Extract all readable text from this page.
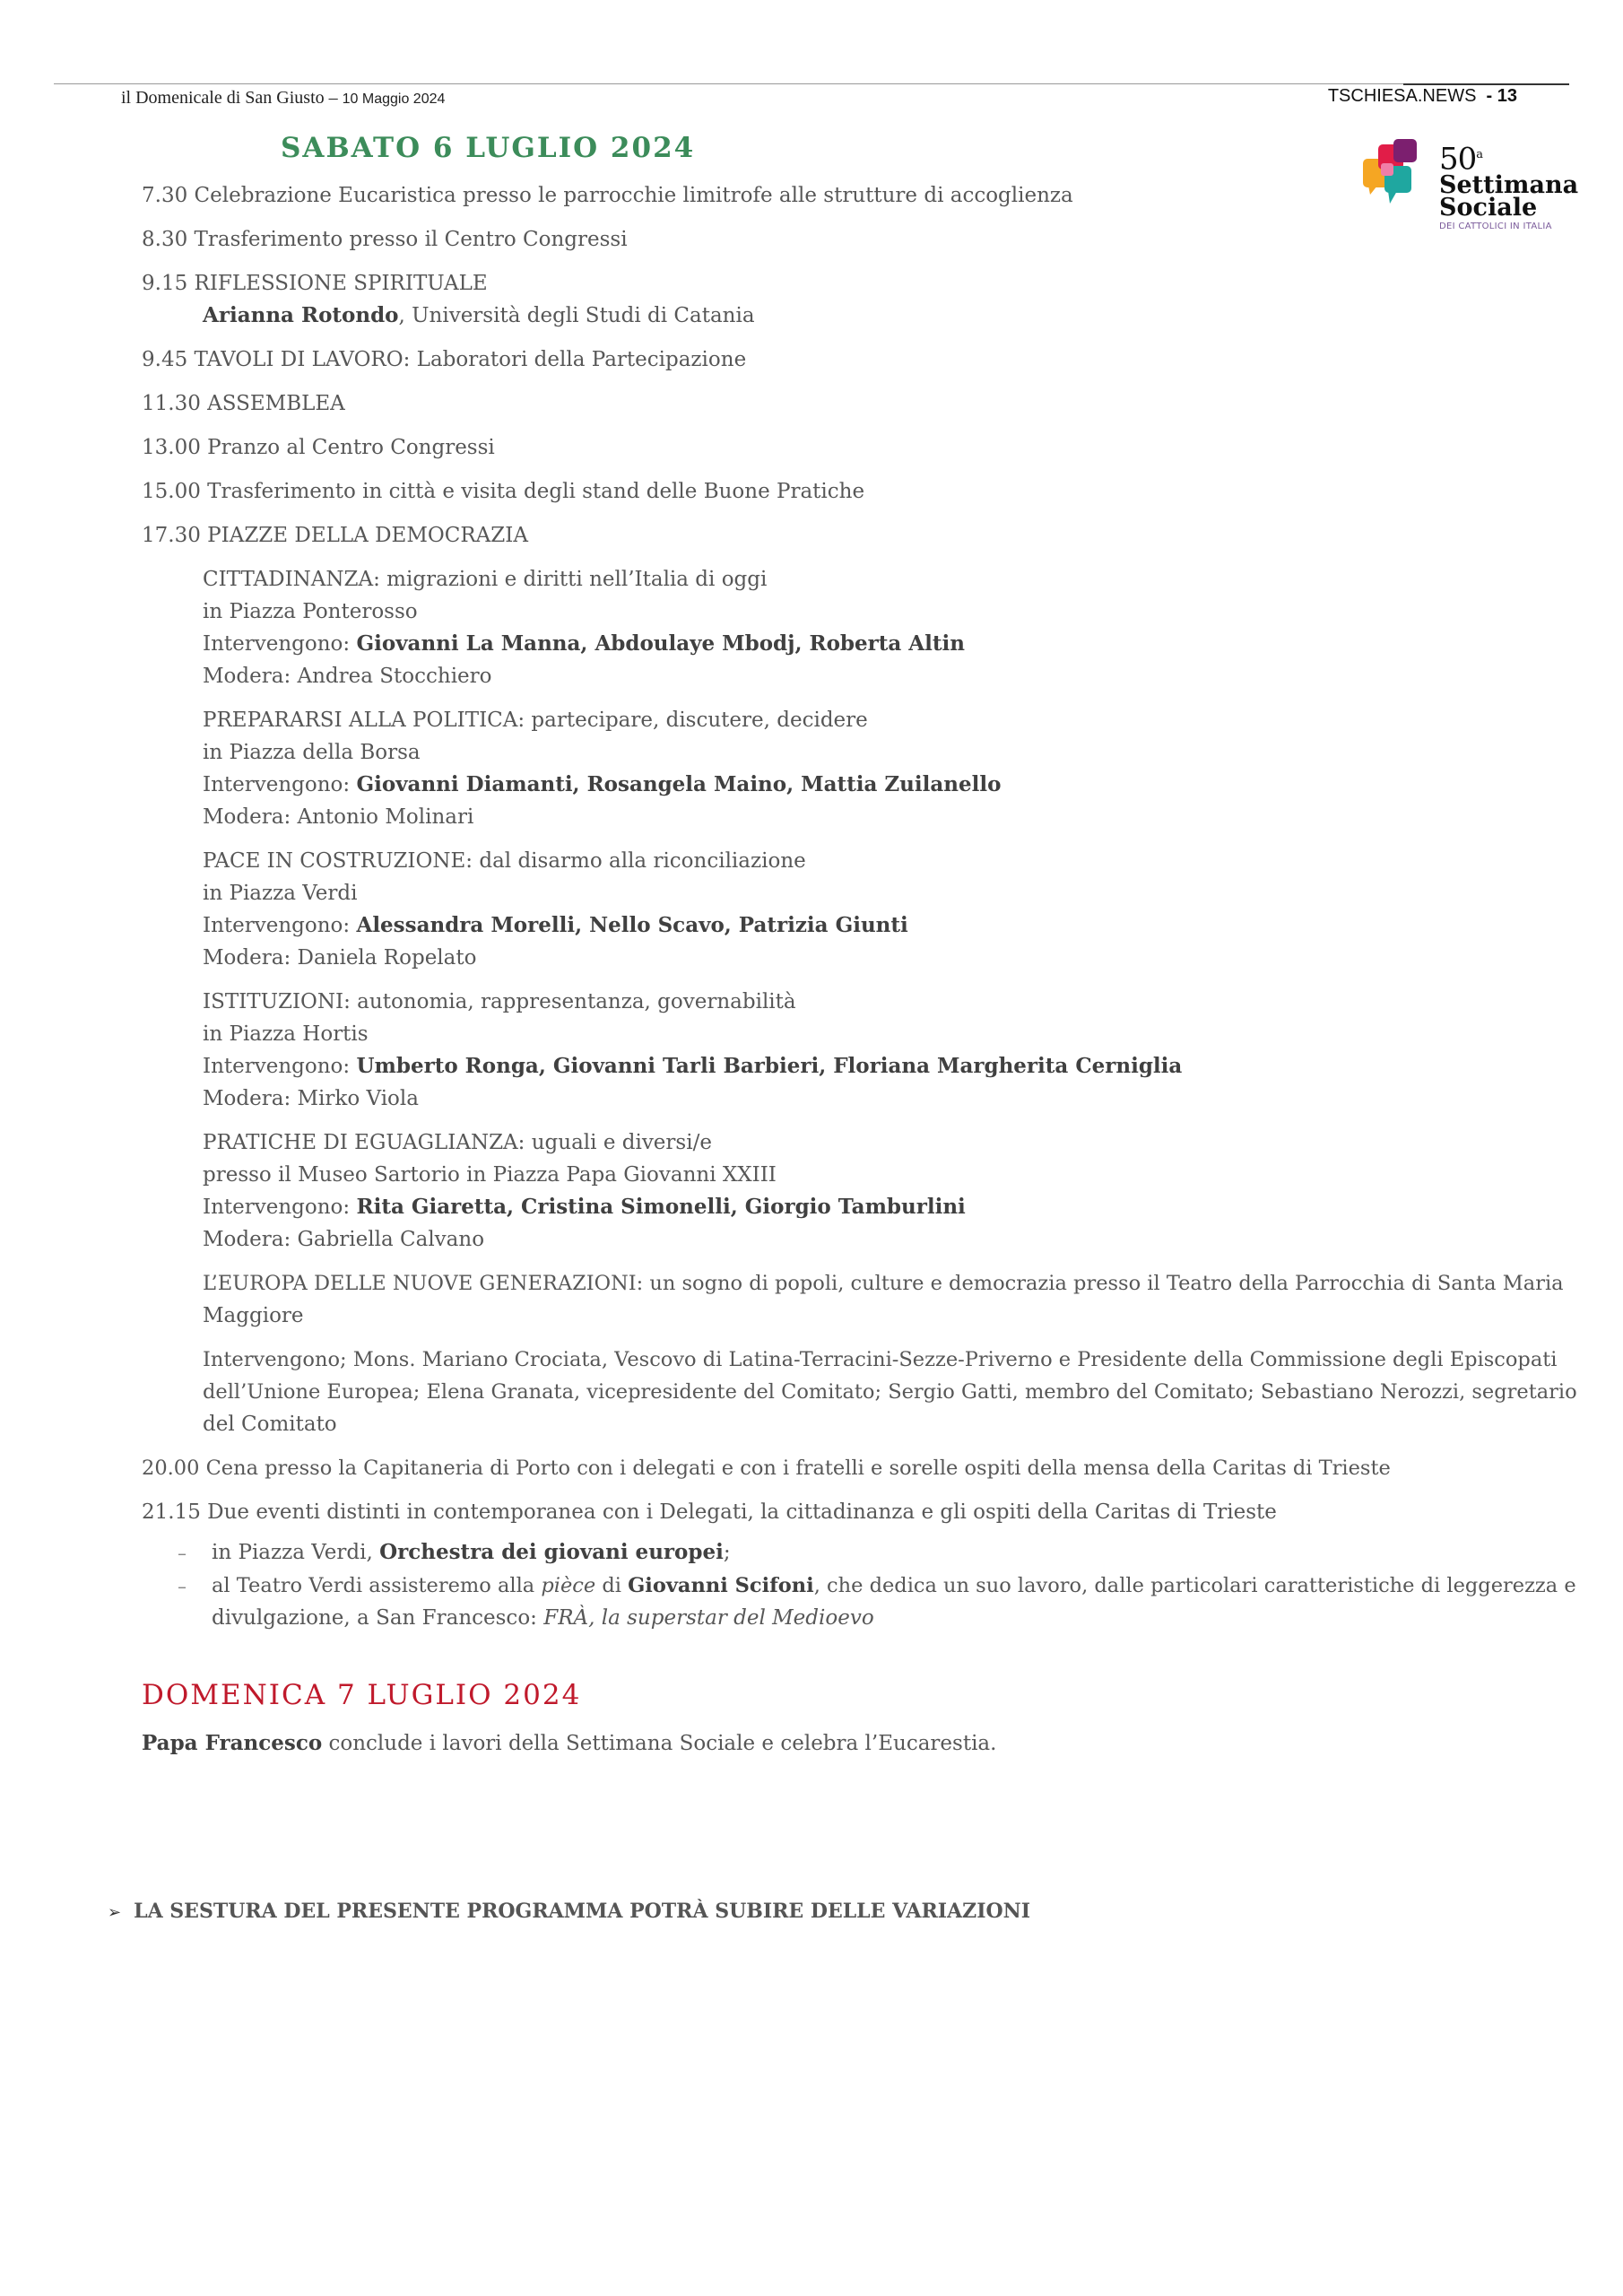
il Domenicale di San Giusto – 10 Maggio 2024	TSCHIESA.NEWS - 13
50$^a$
Settimana
Sociale
DEI CATTOLICI IN ITALIA
SABATO 6 LUGLIO 2024
7.30 Celebrazione Eucaristica presso le parrocchie limitrofe alle strutture di accoglienza
8.30 Trasferimento presso il Centro Congressi
9.15 RIFLESSIONE SPIRITUALE
Arianna Rotondo, Università degli Studi di Catania
9.45 TAVOLI DI LAVORO: Laboratori della Partecipazione
11.30 ASSEMBLEA
13.00 Pranzo al Centro Congressi
15.00 Trasferimento in città e visita degli stand delle Buone Pratiche
17.30 PIAZZE DELLA DEMOCRAZIA
CITTADINANZA: migrazioni e diritti nell’Italia di oggi
in Piazza Ponterosso
Intervengono: Giovanni La Manna, Abdoulaye Mbodj, Roberta Altin
Modera: Andrea Stocchiero
PREPARARSI ALLA POLITICA: partecipare, discutere, decidere
in Piazza della Borsa
Intervengono: Giovanni Diamanti, Rosangela Maino, Mattia Zuilanello
Modera: Antonio Molinari
PACE IN COSTRUZIONE: dal disarmo alla riconciliazione
in Piazza Verdi
Intervengono: Alessandra Morelli, Nello Scavo, Patrizia Giunti
Modera: Daniela Ropelato
ISTITUZIONI: autonomia, rappresentanza, governabilità
in Piazza Hortis
Intervengono: Umberto Ronga, Giovanni Tarli Barbieri, Floriana Margherita Cerniglia
Modera: Mirko Viola
PRATICHE DI EGUAGLIANZA: uguali e diversi/e
presso il Museo Sartorio in Piazza Papa Giovanni XXIII
Intervengono: Rita Giaretta, Cristina Simonelli, Giorgio Tamburlini
Modera: Gabriella Calvano
L’EUROPA DELLE NUOVE GENERAZIONI: un sogno di popoli, culture e democrazia presso il Teatro della Parrocchia di Santa Maria
Maggiore
Intervengono; Mons. Mariano Crociata, Vescovo di Latina-Terracini-Sezze-Priverno e Presidente della Commissione degli Episcopati
dell’Unione Europea; Elena Granata, vicepresidente del Comitato; Sergio Gatti, membro del Comitato; Sebastiano Nerozzi, segretario
del Comitato
20.00 Cena presso la Capitaneria di Porto con i delegati e con i fratelli e sorelle ospiti della mensa della Caritas di Trieste
21.15 Due eventi distinti in contemporanea con i Delegati, la cittadinanza e gli ospiti della Caritas di Trieste
– in Piazza Verdi, Orchestra dei giovani europei;
– al Teatro Verdi assisteremo alla pièce di Giovanni Scifoni, che dedica un suo lavoro, dalle particolari caratteristiche di leggerezza e
divulgazione, a San Francesco: FRÀ, la superstar del Medioevo
DOMENICA 7 LUGLIO 2024
Papa Francesco conclude i lavori della Settimana Sociale e celebra l’Eucarestia.
➢ LA SESTURA DEL PRESENTE PROGRAMMA POTRÀ SUBIRE DELLE VARIAZIONI
